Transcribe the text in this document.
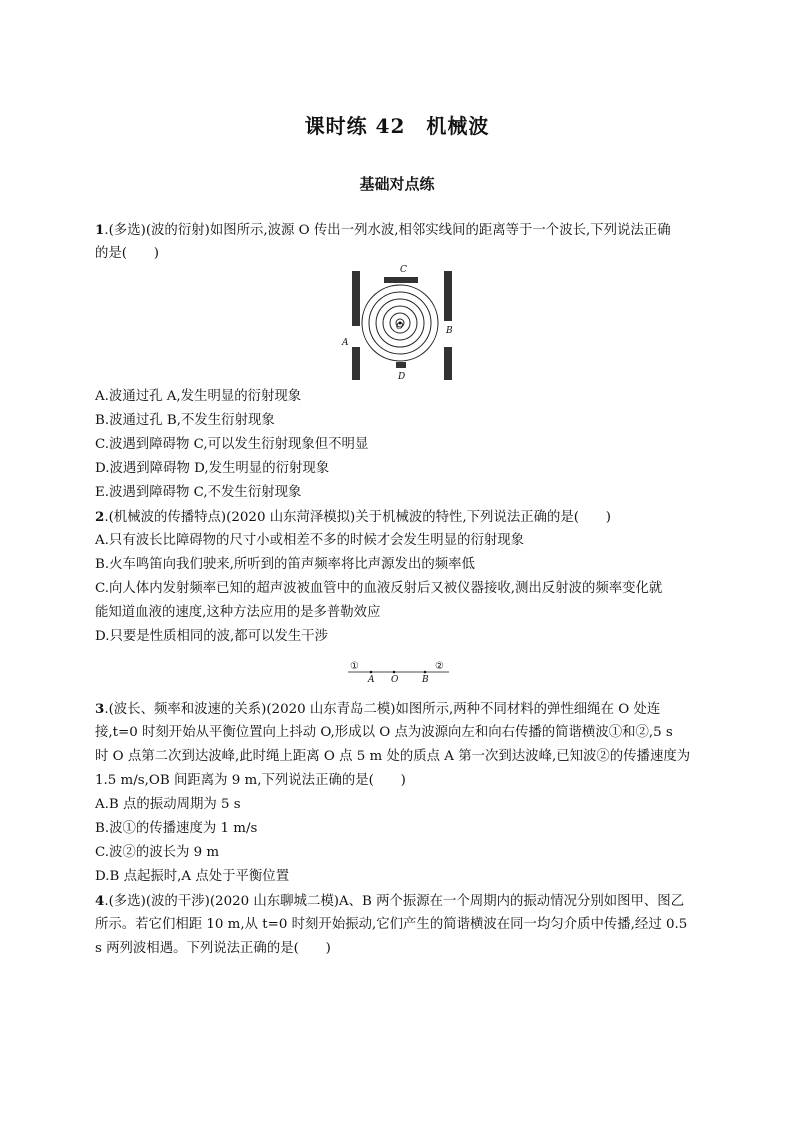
课时练 42　机械波
基础对点练
1.(多选)(波的衍射)如图所示,波源 O 传出一列水波,相邻实线间的距离等于一个波长,下列说法正确
的是(　　)
O
C
A
B
D
A.波通过孔 A,发生明显的衍射现象
B.波通过孔 B,不发生衍射现象
C.波遇到障碍物 C,可以发生衍射现象但不明显
D.波遇到障碍物 D,发生明显的衍射现象
E.波遇到障碍物 C,不发生衍射现象
2.(机械波的传播特点)(2020 山东菏泽模拟)关于机械波的特性,下列说法正确的是(　　)
A.只有波长比障碍物的尺寸小或相差不多的时候才会发生明显的衍射现象
B.火车鸣笛向我们驶来,所听到的笛声频率将比声源发出的频率低
C.向人体内发射频率已知的超声波被血管中的血液反射后又被仪器接收,测出反射波的频率变化就
能知道血液的速度,这种方法应用的是多普勒效应
D.只要是性质相同的波,都可以发生干涉
①	②
A O	B
3.(波长、频率和波速的关系)(2020 山东青岛二模)如图所示,两种不同材料的弹性细绳在 O 处连
接,t=0 时刻开始从平衡位置向上抖动 O,形成以 O 点为波源向左和向右传播的简谐横波①和②,5 s
时 O 点第二次到达波峰,此时绳上距离 O 点 5 m 处的质点 A 第一次到达波峰,已知波②的传播速度为
1.5 m/s,OB 间距离为 9 m,下列说法正确的是(　　)
A.B 点的振动周期为 5 s
B.波①的传播速度为 1 m/s
C.波②的波长为 9 m
D.B 点起振时,A 点处于平衡位置
4.(多选)(波的干涉)(2020 山东聊城二模)A、B 两个振源在一个周期内的振动情况分别如图甲、图乙
所示。若它们相距 10 m,从 t=0 时刻开始振动,它们产生的简谐横波在同一均匀介质中传播,经过 0.5
s 两列波相遇。下列说法正确的是(　　)
